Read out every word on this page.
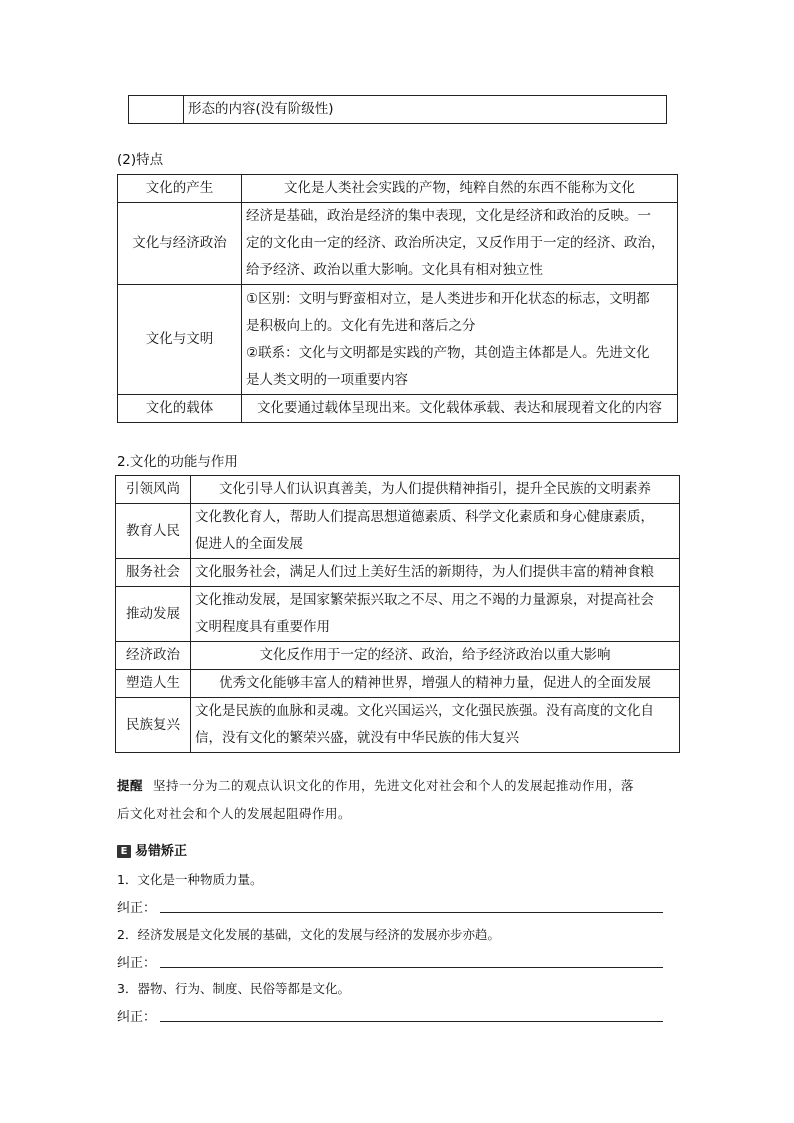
	形态的内容(没有阶级性)
(2)特点
文化的产生	文化是人类社会实践的产物，纯粹自然的东西不能称为文化
文化与经济政治	经济是基础，政治是经济的集中表现，文化是经济和政治的反映。一
定的文化由一定的经济、政治所决定，又反作用于一定的经济、政治，
给予经济、政治以重大影响。文化具有相对独立性

文化与文明	①区别：文明与野蛮相对立，是人类进步和开化状态的标志，文明都
是积极向上的。文化有先进和落后之分
②联系：文化与文明都是实践的产物，其创造主体都是人。先进文化
是人类文明的一项重要内容

文化的载体	文化要通过载体呈现出来。文化载体承载、表达和展现着文化的内容
2.文化的功能与作用
引领风尚	文化引导人们认识真善美，为人们提供精神指引，提升全民族的文明素养
教育人民	文化教化育人，帮助人们提高思想道德素质、科学文化素质和身心健康素质，
促进人的全面发展

服务社会	文化服务社会，满足人们过上美好生活的新期待，为人们提供丰富的精神食粮
推动发展	文化推动发展，是国家繁荣振兴取之不尽、用之不竭的力量源泉，对提高社会
文明程度具有重要作用

经济政治	文化反作用于一定的经济、政治，给予经济政治以重大影响
塑造人生	优秀文化能够丰富人的精神世界，增强人的精神力量，促进人的全面发展
民族复兴	文化是民族的血脉和灵魂。文化兴国运兴，文化强民族强。没有高度的文化自
信，没有文化的繁荣兴盛，就没有中华民族的伟大复兴
提醒 坚持一分为二的观点认识文化的作用，先进文化对社会和个人的发展起推动作用，落
后文化对社会和个人的发展起阻碍作用。
E 易错矫正
1．文化是一种物质力量。
纠正：
2．经济发展是文化发展的基础，文化的发展与经济的发展亦步亦趋。
纠正：
3．器物、行为、制度、民俗等都是文化。
纠正：
